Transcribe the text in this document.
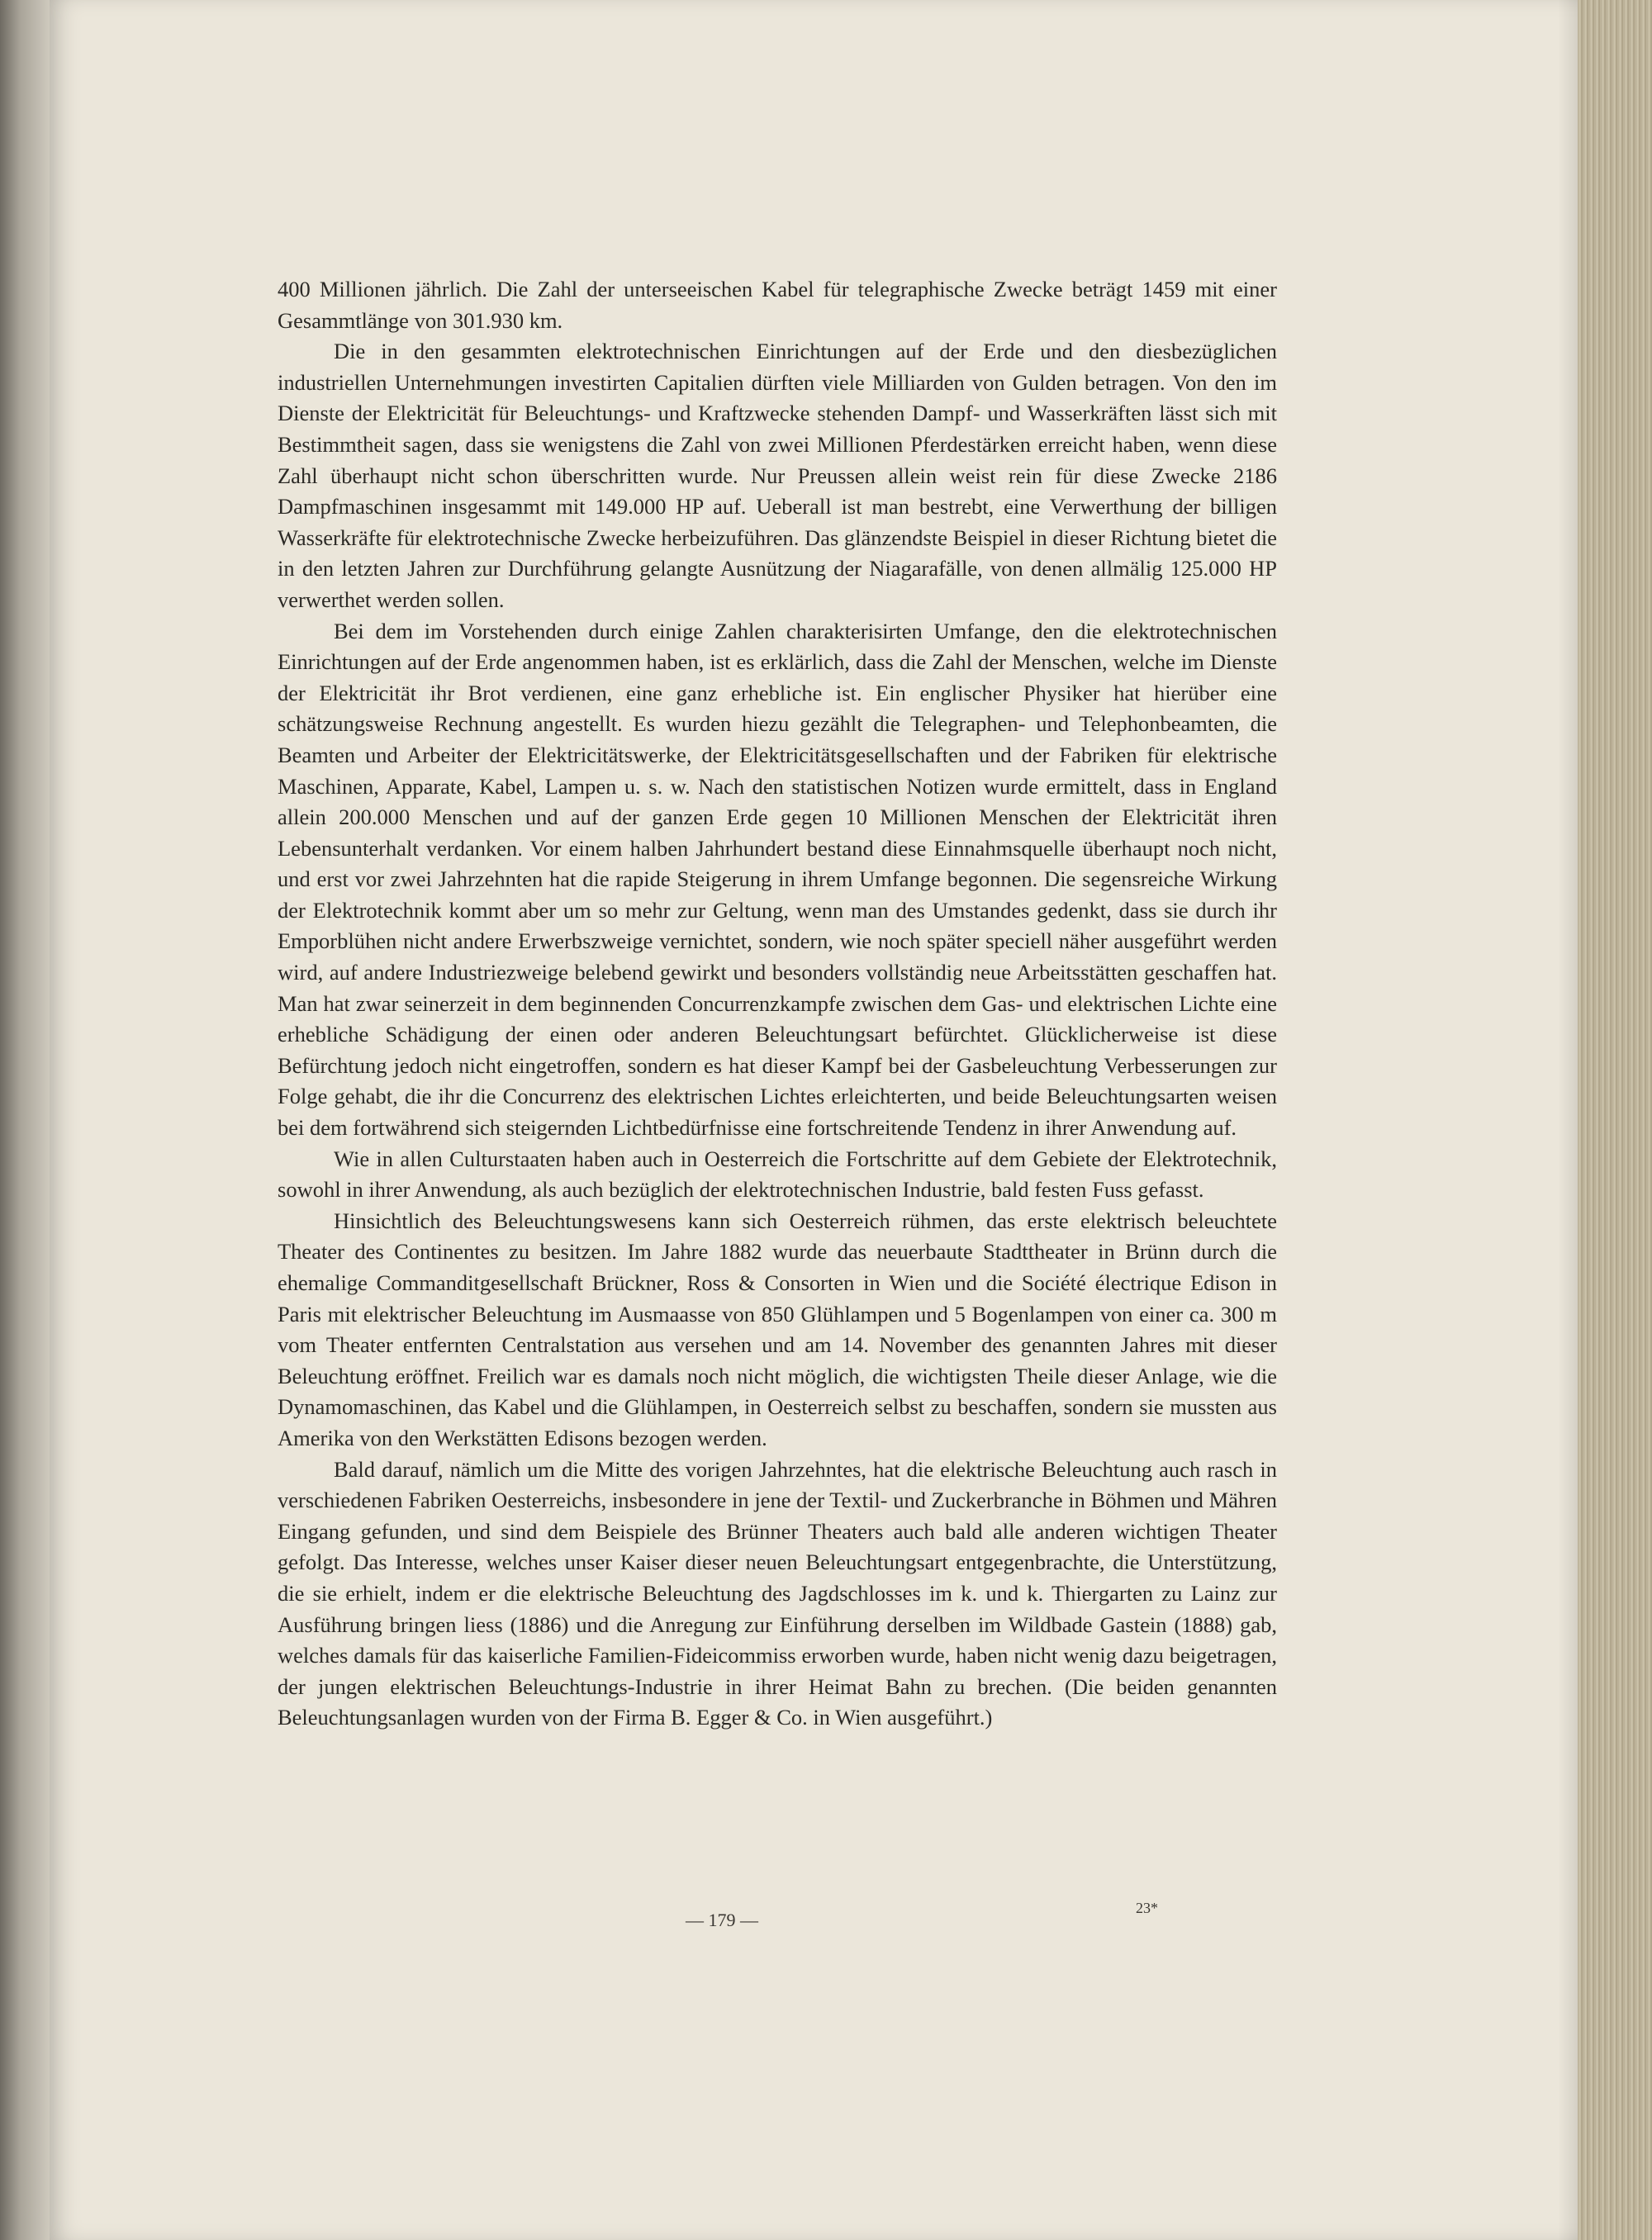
400 Millionen jährlich. Die Zahl der unterseeischen Kabel für telegraphische Zwecke beträgt 1459 mit einer Gesammtlänge von 301.930 km.

Die in den gesammten elektrotechnischen Einrichtungen auf der Erde und den diesbezüglichen industriellen Unternehmungen investirten Capitalien dürften viele Milliarden von Gulden betragen. Von den im Dienste der Elektricität für Beleuchtungs- und Kraftzwecke stehenden Dampf- und Wasserkräften lässt sich mit Bestimmtheit sagen, dass sie wenigstens die Zahl von zwei Millionen Pferdestärken erreicht haben, wenn diese Zahl überhaupt nicht schon überschritten wurde. Nur Preussen allein weist rein für diese Zwecke 2186 Dampfmaschinen insgesammt mit 149.000 HP auf. Ueberall ist man bestrebt, eine Verwerthung der billigen Wasserkräfte für elektrotechnische Zwecke herbeizuführen. Das glänzendste Beispiel in dieser Richtung bietet die in den letzten Jahren zur Durchführung gelangte Ausnützung der Niagarafälle, von denen allmälig 125.000 HP verwerthet werden sollen.

Bei dem im Vorstehenden durch einige Zahlen charakterisirten Umfange, den die elektrotechnischen Einrichtungen auf der Erde angenommen haben, ist es erklärlich, dass die Zahl der Menschen, welche im Dienste der Elektricität ihr Brot verdienen, eine ganz erhebliche ist. Ein englischer Physiker hat hierüber eine schätzungsweise Rechnung angestellt. Es wurden hiezu gezählt die Telegraphen- und Telephonbeamten, die Beamten und Arbeiter der Elektricitätswerke, der Elektricitätsgesellschaften und der Fabriken für elektrische Maschinen, Apparate, Kabel, Lampen u. s. w. Nach den statistischen Notizen wurde ermittelt, dass in England allein 200.000 Menschen und auf der ganzen Erde gegen 10 Millionen Menschen der Elektricität ihren Lebensunterhalt verdanken. Vor einem halben Jahrhundert bestand diese Einnahmsquelle überhaupt noch nicht, und erst vor zwei Jahrzehnten hat die rapide Steigerung in ihrem Umfange begonnen. Die segensreiche Wirkung der Elektrotechnik kommt aber um so mehr zur Geltung, wenn man des Umstandes gedenkt, dass sie durch ihr Emporblühen nicht andere Erwerbszweige vernichtet, sondern, wie noch später speciell näher ausgeführt werden wird, auf andere Industriezweige belebend gewirkt und besonders vollständig neue Arbeitsstätten geschaffen hat. Man hat zwar seinerzeit in dem beginnenden Concurrenzkampfe zwischen dem Gas- und elektrischen Lichte eine erhebliche Schädigung der einen oder anderen Beleuchtungsart befürchtet. Glücklicherweise ist diese Befürchtung jedoch nicht eingetroffen, sondern es hat dieser Kampf bei der Gasbeleuchtung Verbesserungen zur Folge gehabt, die ihr die Concurrenz des elektrischen Lichtes erleichterten, und beide Beleuchtungsarten weisen bei dem fortwährend sich steigernden Lichtbedürfnisse eine fortschreitende Tendenz in ihrer Anwendung auf.

Wie in allen Culturstaaten haben auch in Oesterreich die Fortschritte auf dem Gebiete der Elektrotechnik, sowohl in ihrer Anwendung, als auch bezüglich der elektrotechnischen Industrie, bald festen Fuss gefasst.

Hinsichtlich des Beleuchtungswesens kann sich Oesterreich rühmen, das erste elektrisch beleuchtete Theater des Continentes zu besitzen. Im Jahre 1882 wurde das neuerbaute Stadttheater in Brünn durch die ehemalige Commanditgesellschaft Brückner, Ross & Consorten in Wien und die Société électrique Edison in Paris mit elektrischer Beleuchtung im Ausmaasse von 850 Glühlampen und 5 Bogenlampen von einer ca. 300 m vom Theater entfernten Centralstation aus versehen und am 14. November des genannten Jahres mit dieser Beleuchtung eröffnet. Freilich war es damals noch nicht möglich, die wichtigsten Theile dieser Anlage, wie die Dynamomaschinen, das Kabel und die Glühlampen, in Oesterreich selbst zu beschaffen, sondern sie mussten aus Amerika von den Werkstätten Edisons bezogen werden.

Bald darauf, nämlich um die Mitte des vorigen Jahrzehntes, hat die elektrische Beleuchtung auch rasch in verschiedenen Fabriken Oesterreichs, insbesondere in jene der Textil- und Zuckerbranche in Böhmen und Mähren Eingang gefunden, und sind dem Beispiele des Brünner Theaters auch bald alle anderen wichtigen Theater gefolgt. Das Interesse, welches unser Kaiser dieser neuen Beleuchtungsart entgegenbrachte, die Unterstützung, die sie erhielt, indem er die elektrische Beleuchtung des Jagdschlosses im k. und k. Thiergarten zu Lainz zur Ausführung bringen liess (1886) und die Anregung zur Einführung derselben im Wildbade Gastein (1888) gab, welches damals für das kaiserliche Familien-Fideicommiss erworben wurde, haben nicht wenig dazu beigetragen, der jungen elektrischen Beleuchtungs-Industrie in ihrer Heimat Bahn zu brechen. (Die beiden genannten Beleuchtungsanlagen wurden von der Firma B. Egger & Co. in Wien ausgeführt.)

— 179 —
23*
